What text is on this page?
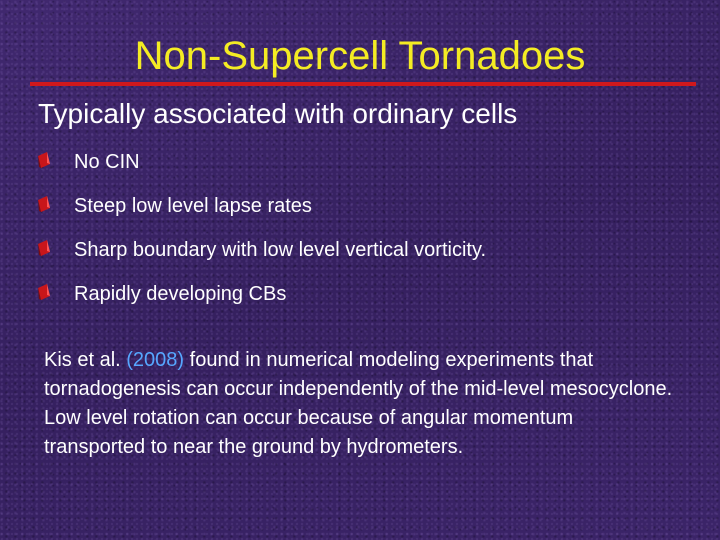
Non-Supercell Tornadoes
Typically associated with ordinary cells
No CIN
Steep low level lapse rates
Sharp boundary with low level vertical vorticity.
Rapidly developing CBs

Kis et al. (2008) found in numerical modeling experiments that tornadogenesis can occur independently of the mid-level mesocyclone. Low level rotation can occur because of angular momentum transported to near the ground by hydrometers.
